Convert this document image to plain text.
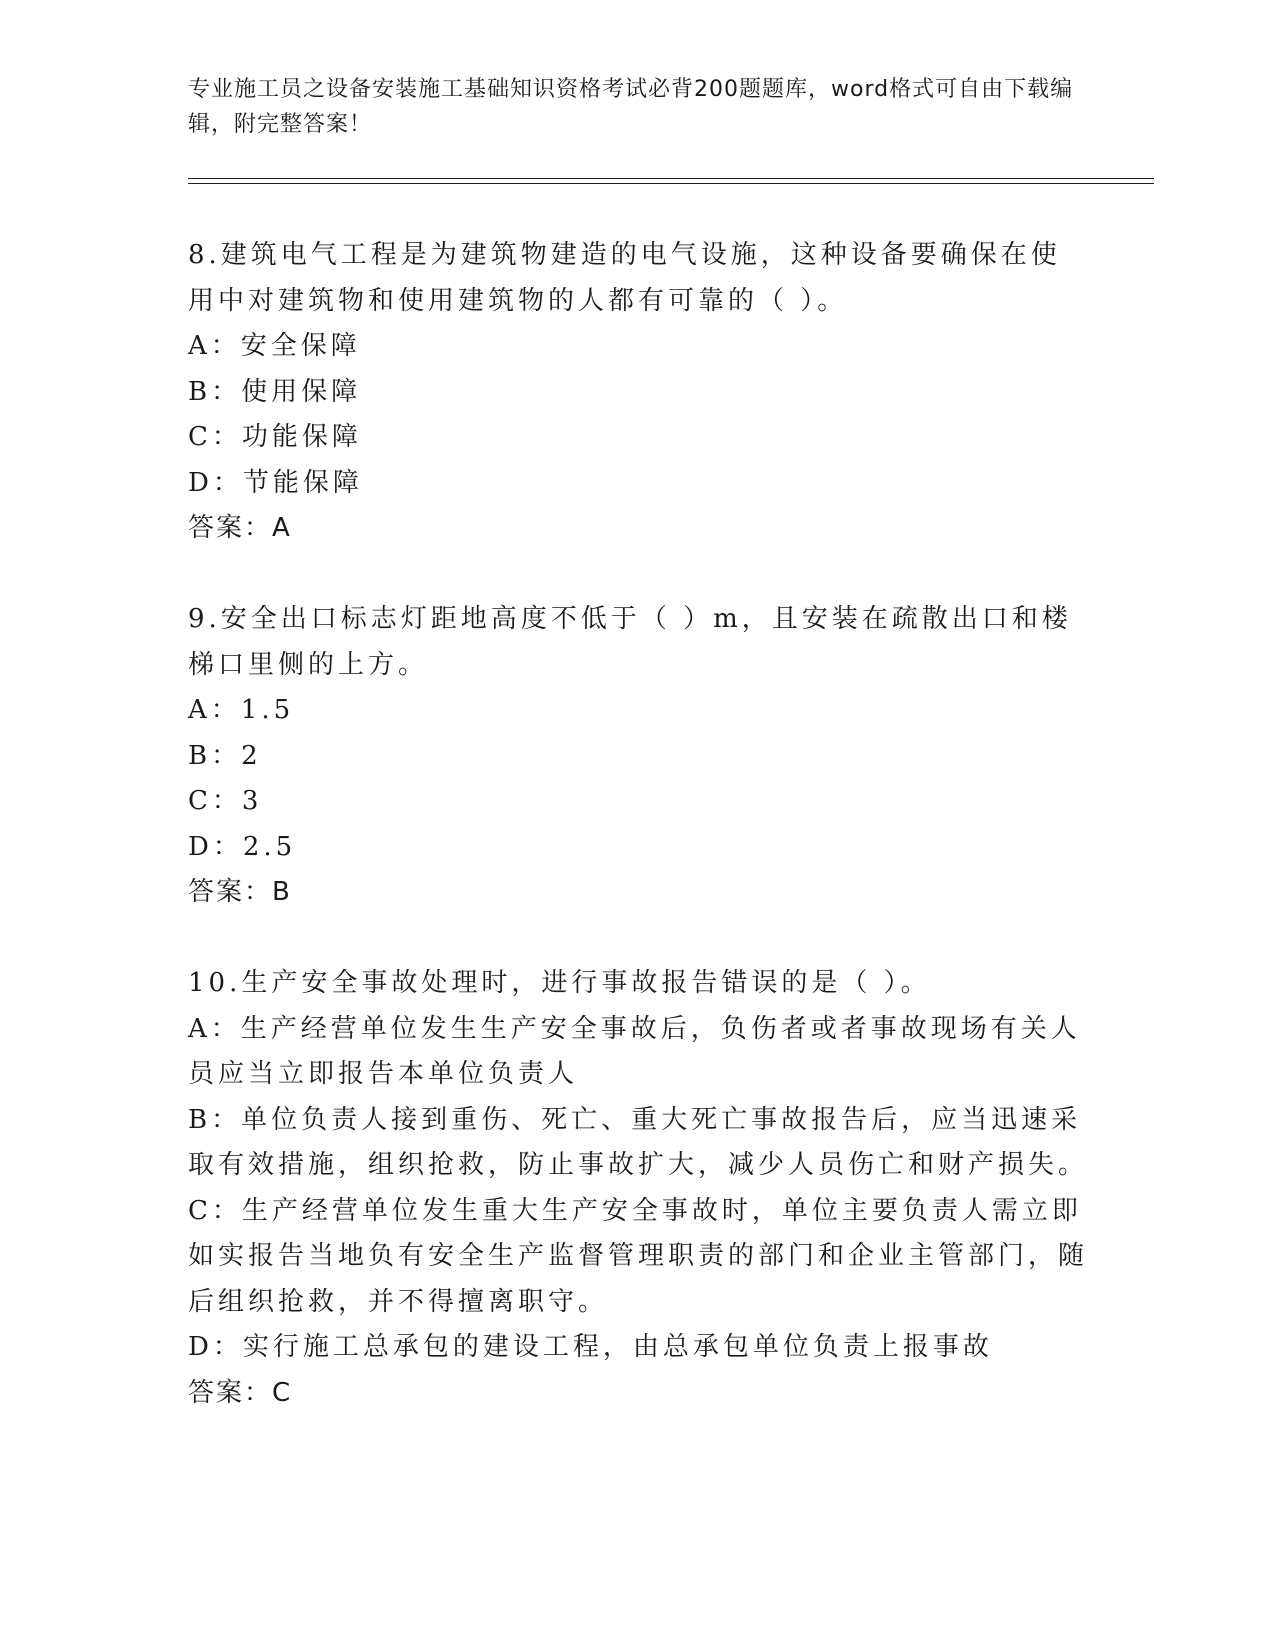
专业施工员之设备安装施工基础知识资格考试必背200题题库，word格式可自由下载编辑，附完整答案！

8.建筑电气工程是为建筑物建造的电气设施，这种设备要确保在使用中对建筑物和使用建筑物的人都有可靠的（ ）。

A：安全保障

B：使用保障

C：功能保障

D：节能保障

答案：A

9.安全出口标志灯距地高度不低于（ ）m，且安装在疏散出口和楼梯口里侧的上方。

A：1.5

B：2

C：3

D：2.5

答案：B

10.生产安全事故处理时，进行事故报告错误的是（ ）。

A：生产经营单位发生生产安全事故后，负伤者或者事故现场有关人员应当立即报告本单位负责人

B：单位负责人接到重伤、死亡、重大死亡事故报告后，应当迅速采取有效措施，组织抢救，防止事故扩大，减少人员伤亡和财产损失。

C：生产经营单位发生重大生产安全事故时，单位主要负责人需立即如实报告当地负有安全生产监督管理职责的部门和企业主管部门，随后组织抢救，并不得擅离职守。

D：实行施工总承包的建设工程，由总承包单位负责上报事故

答案：C
